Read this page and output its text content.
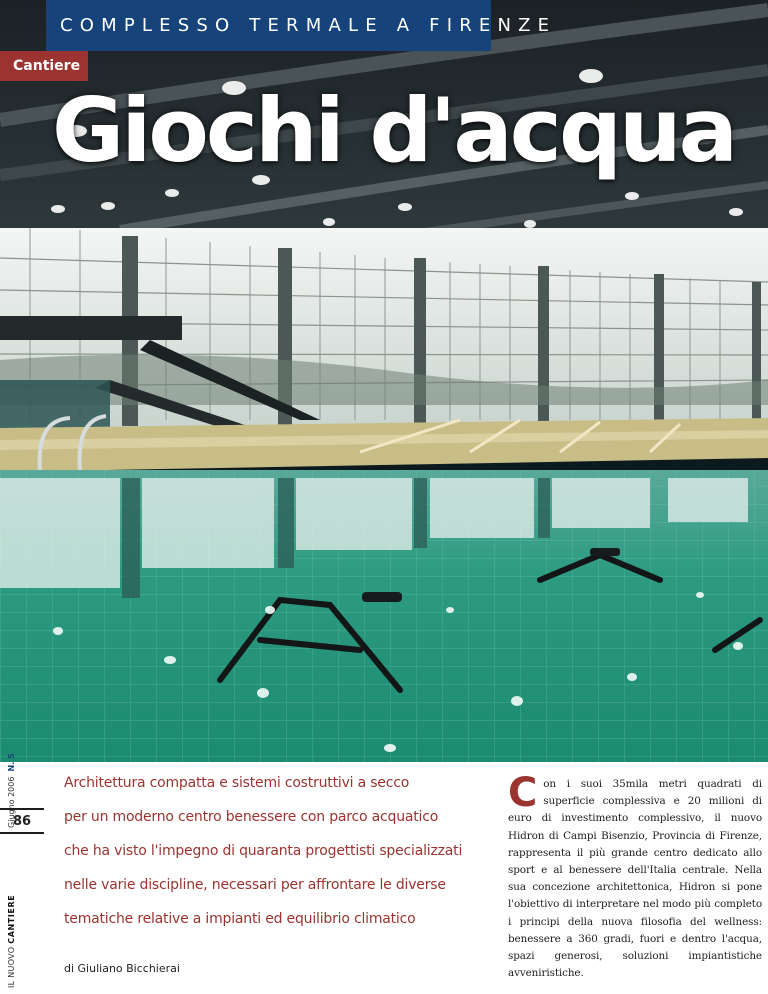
COMPLESSO TERMALE A FIRENZE
Cantiere
Giochi d'acqua
Giugno 2006  N. 5
86
IL NUOVO CANTIERE

Architettura compatta e sistemi costruttivi a secco

per un moderno centro benessere con parco acquatico

che ha visto l'impegno di quaranta progettisti specializzati

nelle varie discipline, necessari per affrontare le diverse

tematiche relative a impianti ed equilibrio climatico

di Giuliano Bicchierai
Con i suoi 35mila metri quadrati di superficie complessiva e 20 milioni di euro di investimento complessivo, il nuovo Hidron di Campi Bisenzio, Provincia di Firenze, rappresenta il più grande centro dedicato allo sport e al benessere dell'Italia centrale. Nella sua concezione architettonica, Hidron si pone l'obiettivo di interpretare nel modo più completo i principi della nuova filosofia del wellness: benessere a 360 gradi, fuori e dentro l'acqua, spazi generosi, soluzioni impiantistiche avveniristiche.
